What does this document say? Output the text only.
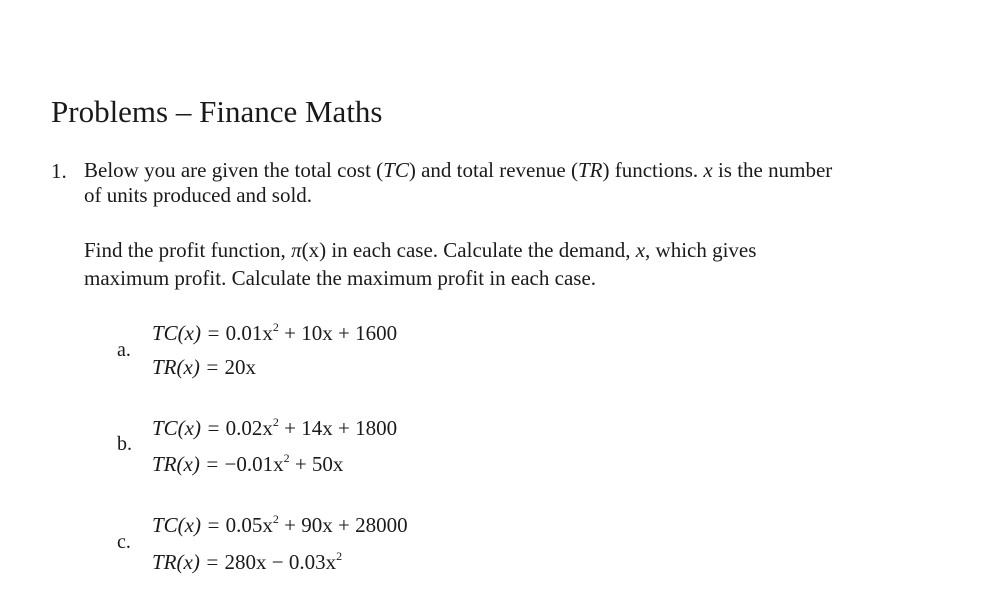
Problems – Finance Maths
1. Below you are given the total cost (TC) and total revenue (TR) functions. x is the number of units produced and sold.

Find the profit function, π(x) in each case. Calculate the demand, x, which gives maximum profit. Calculate the maximum profit in each case.

a.
$TC(x) = 0.01x^2 + 10x + 1600$
TR(x) = 20x
b.
$TC(x) = 0.02x^2 + 14x + 1800$
$TR(x) = -0.01x^2 + 50x$
c.
$TC(x) = 0.05x^2 + 90x + 28000$
$TR(x) = 280x - 0.03x^2$
